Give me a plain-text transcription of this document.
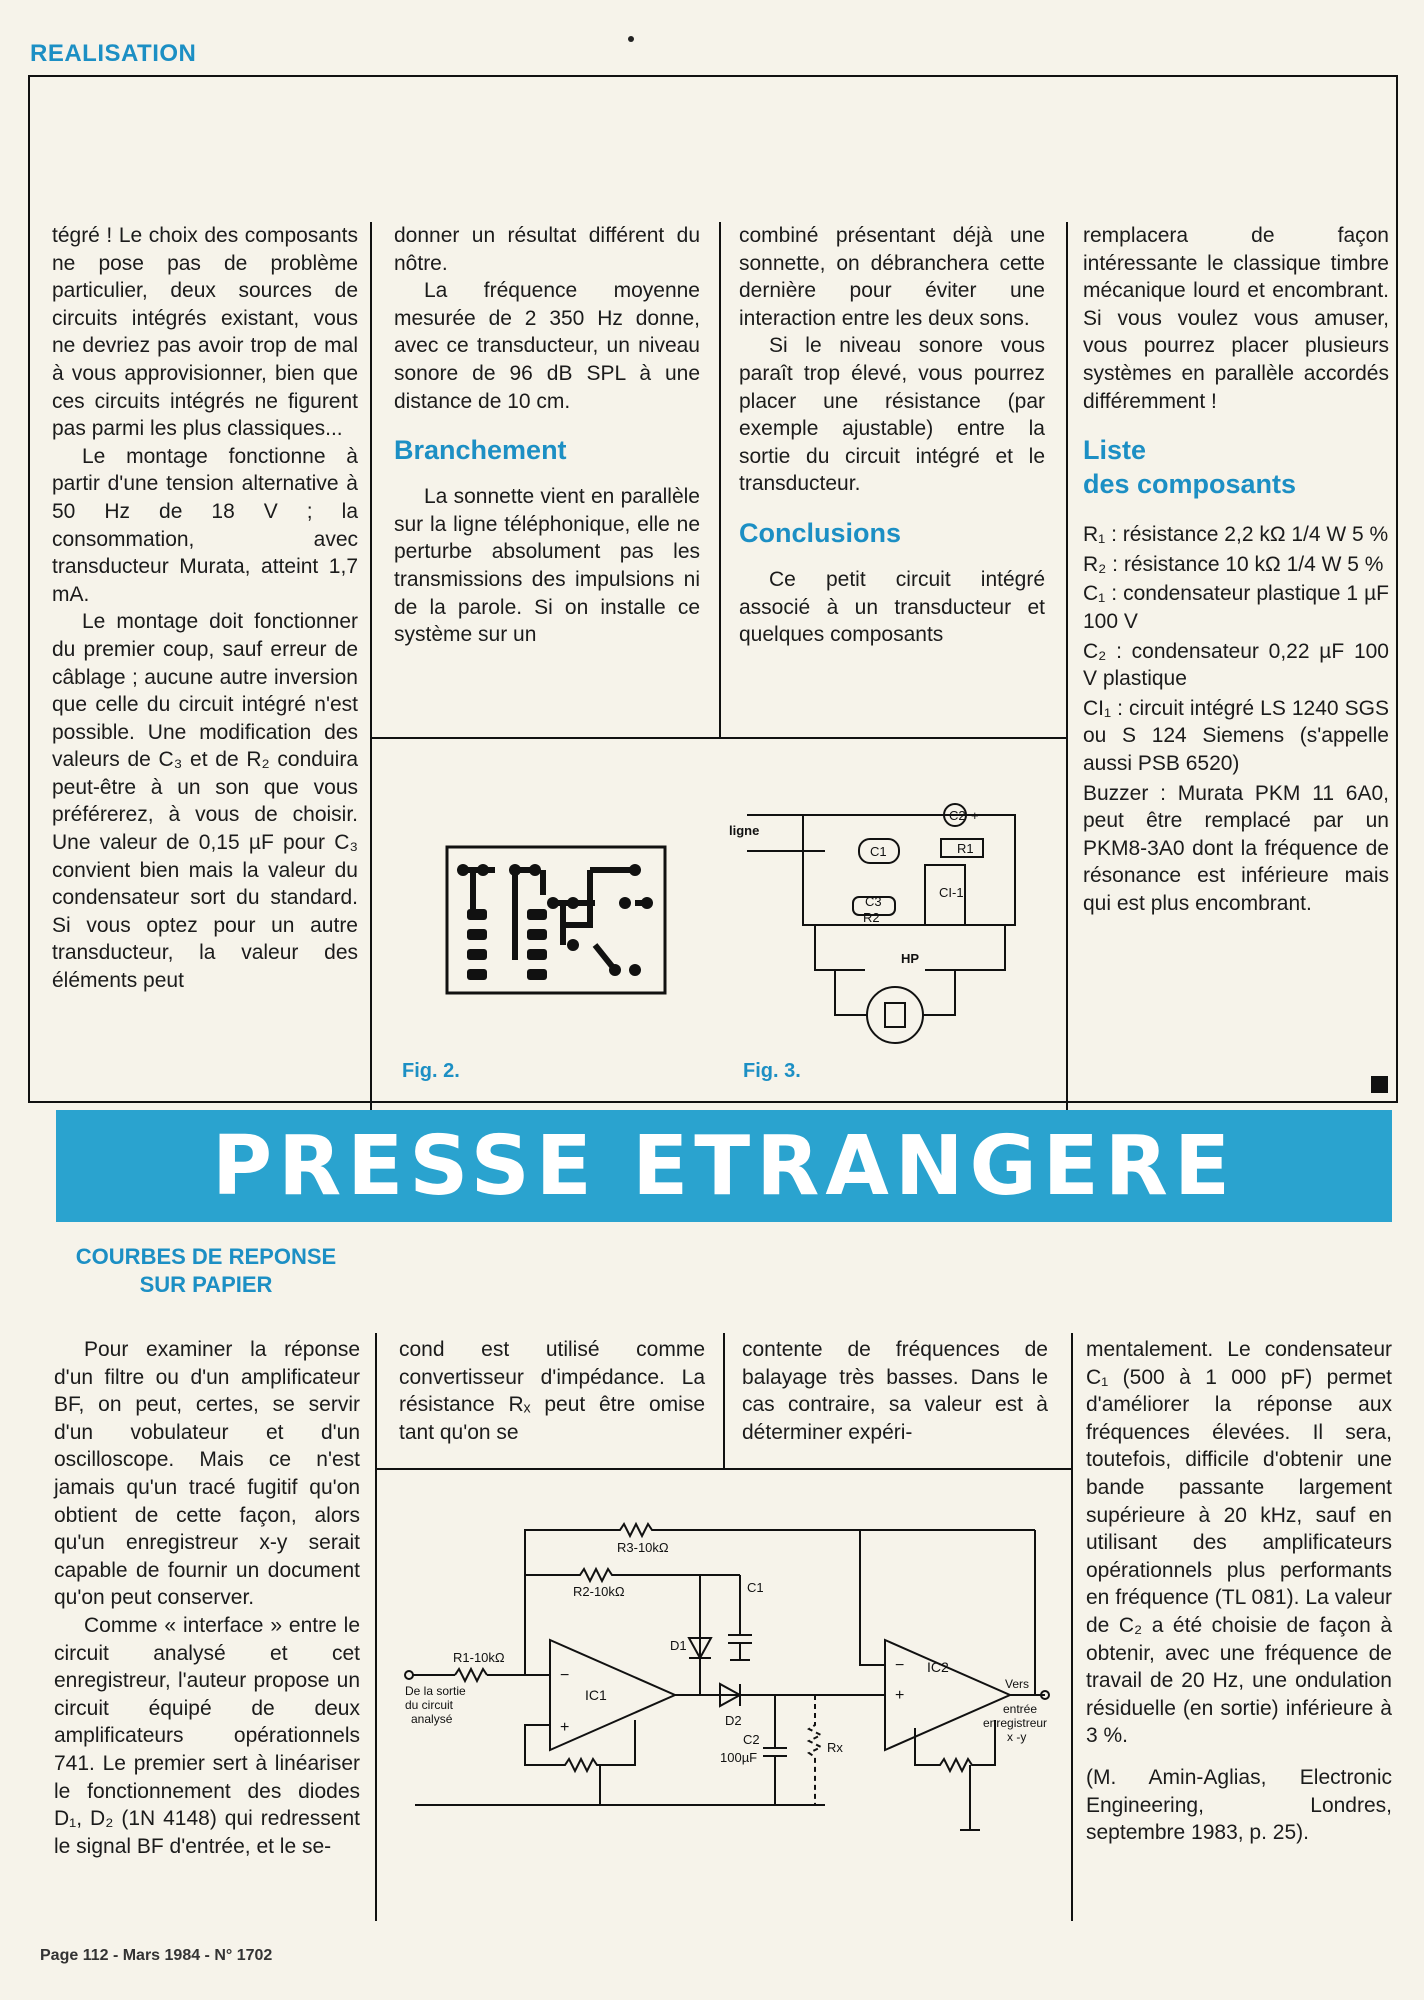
REALISATION

tégré ! Le choix des composants ne pose pas de problème particulier, deux sources de circuits intégrés existant, vous ne devriez pas avoir trop de mal à vous approvisionner, bien que ces circuits intégrés ne figurent pas parmi les plus classiques...

Le montage fonctionne à partir d'une tension alternative à 50 Hz de 18 V ; la consommation, avec transducteur Murata, atteint 1,7 mA.

Le montage doit fonctionner du premier coup, sauf erreur de câblage ; aucune autre inversion que celle du circuit intégré n'est possible. Une modification des valeurs de C₃ et de R₂ conduira peut-être à un son que vous préférerez, à vous de choisir. Une valeur de 0,15 µF pour C₃ convient bien mais la valeur du condensateur sort du standard. Si vous optez pour un autre transducteur, la valeur des éléments peut

donner un résultat différent du nôtre.

La fréquence moyenne mesurée de 2 350 Hz donne, avec ce transducteur, un niveau sonore de 96 dB SPL à une distance de 10 cm.

Branchement

La sonnette vient en parallèle sur la ligne téléphonique, elle ne perturbe absolument pas les transmissions des impulsions ni de la parole. Si on installe ce système sur un

combiné présentant déjà une sonnette, on débranchera cette dernière pour éviter une interaction entre les deux sons.

Si le niveau sonore vous paraît trop élevé, vous pourrez placer une résistance (par exemple ajustable) entre la sortie du circuit intégré et le transducteur.

Conclusions

Ce petit circuit intégré associé à un transducteur et quelques composants

remplacera de façon intéressante le classique timbre mécanique lourd et encombrant. Si vous voulez vous amuser, vous pourrez placer plusieurs systèmes en parallèle accordés différemment !

Liste
des composants
R₁ : résistance 2,2 kΩ 1/4 W 5 %
R₂ : résistance 10 kΩ 1/4 W 5 %
C₁ : condensateur plastique 1 µF 100 V
C₂ : condensateur 0,22 µF 100 V plastique
CI₁ : circuit intégré LS 1240 SGS ou S 124 Siemens (s'appelle aussi PSB 6520)
Buzzer : Murata PKM 11 6A0, peut être remplacé par un PKM8-3A0 dont la fréquence de résonance est inférieure mais qui est plus encombrant.
Fig. 2.
ligne
C1
C2
C3
R2
R1
CI-1
+
HP
Fig. 3.
PRESSE ETRANGERE
COURBES DE REPONSE
SUR PAPIER

Pour examiner la réponse d'un filtre ou d'un amplificateur BF, on peut, certes, se servir d'un vobulateur et d'un oscilloscope. Mais ce n'est jamais qu'un tracé fugitif qu'on obtient de cette façon, alors qu'un enregistreur x-y serait capable de fournir un document qu'on peut conserver.

Comme « interface » entre le circuit analysé et cet enregistreur, l'auteur propose un circuit équipé de deux amplificateurs opérationnels 741. Le premier sert à linéariser le fonctionnement des diodes D₁, D₂ (1N 4148) qui redressent le signal BF d'entrée, et le se-

cond est utilisé comme convertisseur d'impédance. La résistance Rₓ peut être omise tant qu'on se

contente de fréquences de balayage très basses. Dans le cas contraire, sa valeur est à déterminer expéri-

mentalement. Le condensateur C₁ (500 à 1 000 pF) permet d'améliorer la réponse aux fréquences élevées. Il sera, toutefois, difficile d'obtenir une bande passante largement supérieure à 20 kHz, sauf en utilisant des amplificateurs opérationnels plus performants en fréquence (TL 081). La valeur de C₂ a été choisie de façon à obtenir, avec une fréquence de travail de 20 Hz, une ondulation résiduelle (en sortie) inférieure à 3 %.

(M. Amin-Aglias, Electronic Engineering, Londres, septembre 1983, p. 25).

R1-10kΩ
R2-10kΩ
R3-10kΩ
C1
D1
D2
C2
100µF
Rx
IC1
IC2
−
+
−
+
De la sortie
du circuit
analysé
Vers
entrée
enregistreur
x -y
Page 112 - Mars 1984 - N° 1702
